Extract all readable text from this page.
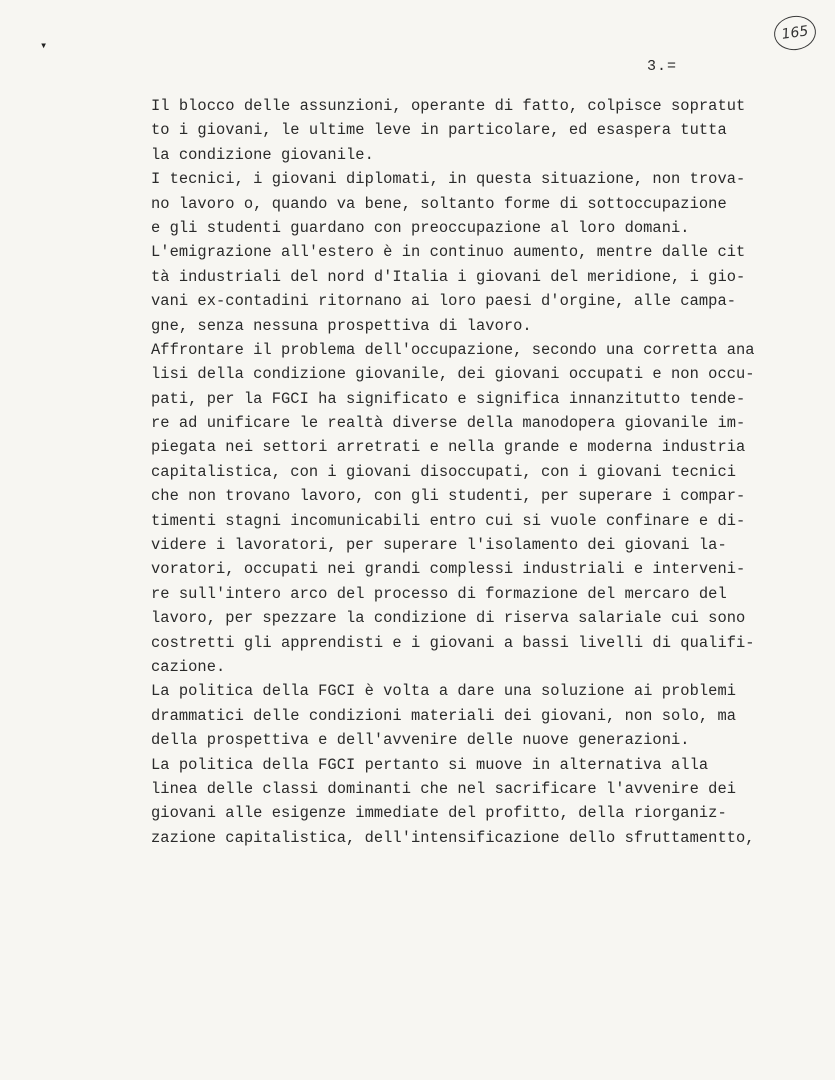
165
▾
3.=
Il blocco delle assunzioni, operante di fatto, colpisce sopratut
to i giovani, le ultime leve in particolare, ed esaspera tutta
la condizione giovanile.
I tecnici, i giovani diplomati, in questa situazione, non trova-
no lavoro o, quando va bene, soltanto forme di sottoccupazione
e gli studenti guardano con preoccupazione al loro domani.
L'emigrazione all'estero è in continuo aumento, mentre dalle cit
tà industriali del nord d'Italia i giovani del meridione, i gio-
vani ex-contadini ritornano ai loro paesi d'orgine, alle campa-
gne, senza nessuna prospettiva di lavoro.
Affrontare il problema dell'occupazione, secondo una corretta ana
lisi della condizione giovanile, dei giovani occupati e non occu-
pati, per la FGCI ha significato e significa innanzitutto tende-
re ad unificare le realtà diverse della manodopera giovanile im-
piegata nei settori arretrati e nella grande e moderna industria
capitalistica, con i giovani disoccupati, con i giovani tecnici
che non trovano lavoro, con gli studenti, per superare i compar-
timenti stagni incomunicabili entro cui si vuole confinare e di-
videre i lavoratori, per superare l'isolamento dei giovani la-
voratori, occupati nei grandi complessi industriali e interveni-
re sull'intero arco del processo di formazione del mercaro del
lavoro, per spezzare la condizione di riserva salariale cui sono
costretti gli apprendisti e i giovani a bassi livelli di qualifi-
cazione.
La politica della FGCI è volta a dare una soluzione ai problemi
drammatici delle condizioni materiali dei giovani, non solo, ma
della prospettiva e dell'avvenire delle nuove generazioni.
La politica della FGCI pertanto si muove in alternativa alla
linea delle classi dominanti che nel sacrificare l'avvenire dei
giovani alle esigenze immediate del profitto, della riorganiz-
zazione capitalistica, dell'intensificazione dello sfruttamentto,
